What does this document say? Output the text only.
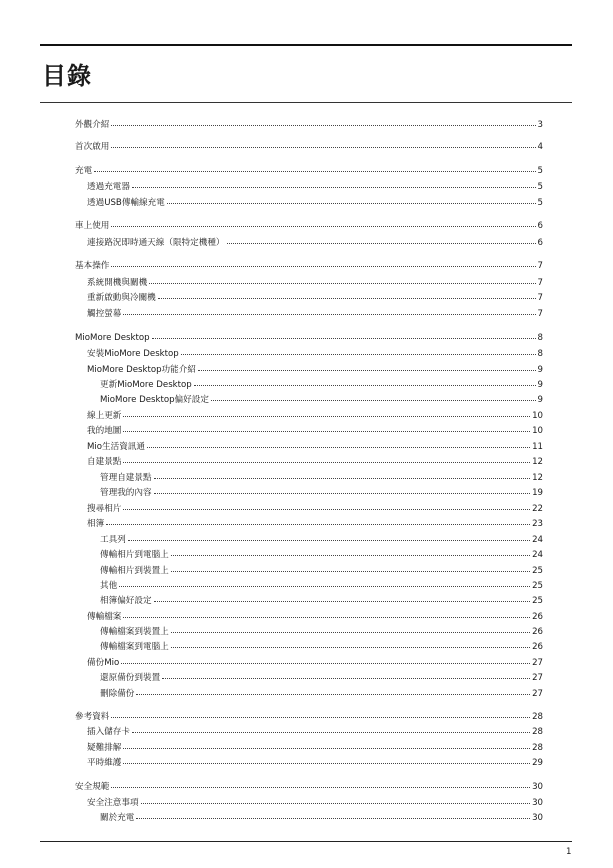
目錄
外觀介紹	3
首次啟用	4
充電	5
透過充電器	5
透過USB傳輸線充電	5
車上使用	6
連接路況即時通天線（限特定機種）	6
基本操作	7
系統開機與關機	7
重新啟動與冷關機	7
觸控螢幕	7
MioMore Desktop	8
安裝MioMore Desktop	8
MioMore Desktop功能介紹	9
更新MioMore Desktop	9
MioMore Desktop偏好設定	9
線上更新	10
我的地圖	10
Mio生活資訊通	11
自建景點	12
管理自建景點	12
管理我的內容	19
搜尋相片	22
相簿	23
工具列	24
傳輸相片到電腦上	24
傳輸相片到裝置上	25
其他	25
相簿偏好設定	25
傳輸檔案	26
傳輸檔案到裝置上	26
傳輸檔案到電腦上	26
備份Mio	27
還原備份到裝置	27
刪除備份	27
參考資料	28
插入儲存卡	28
疑難排解	28
平時維護	29
安全規範	30
安全注意事項	30
關於充電	30
1
